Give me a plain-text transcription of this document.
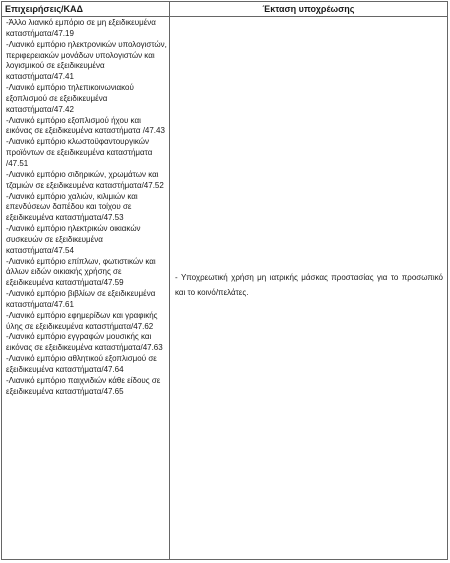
Επιχειρήσεις/ΚΑΔ	Έκταση υποχρέωσης

-Άλλο λιανικό εμπόριο σε μη εξειδικευμένα καταστήματα/47.19

-Λιανικό εμπόριο ηλεκτρονικών υπολογιστών, περιφερειακών μονάδων υπολογιστών και λογισμικού σε εξειδικευμένα καταστήματα/47.41

-Λιανικό εμπόριο τηλεπικοινωνιακού εξοπλισμού σε εξειδικευμένα καταστήματα/47.42

-Λιανικό εμπόριο εξοπλισμού ήχου και εικόνας σε εξειδικευμένα καταστήματα /47.43

-Λιανικό εμπόριο κλωστοϋφαντουργικών προϊόντων σε εξειδικευμένα καταστήματα /47.51

-Λιανικό εμπόριο σιδηρικών, χρωμάτων και τζαμιών σε εξειδικευμένα καταστήματα/47.52

-Λιανικό εμπόριο χαλιών, κιλιμιών και επενδύσεων δαπέδου και τοίχου σε εξειδικευμένα καταστήματα/47.53

-Λιανικό εμπόριο ηλεκτρικών οικιακών συσκευών σε εξειδικευμένα καταστήματα/47.54

-Λιανικό εμπόριο επίπλων, φωτιστικών και άλλων ειδών οικιακής χρήσης σε εξειδικευμένα καταστήματα/47.59

-Λιανικό εμπόριο βιβλίων σε εξειδικευμένα καταστήματα/47.61

-Λιανικό εμπόριο εφημερίδων και γραφικής ύλης σε εξειδικευμένα καταστήματα/47.62

-Λιανικό εμπόριο εγγραφών μουσικής και εικόνας σε εξειδικευμένα καταστήματα/47.63

-Λιανικό εμπόριο αθλητικού εξοπλισμού σε εξειδικευμένα καταστήματα/47.64

-Λιανικό εμπόριο παιχνιδιών κάθε είδους σε εξειδικευμένα καταστήματα/47.65

- Υποχρεωτική χρήση μη ιατρικής μάσκας προστασίας για το προσωπικό και το κοινό/πελάτες.
